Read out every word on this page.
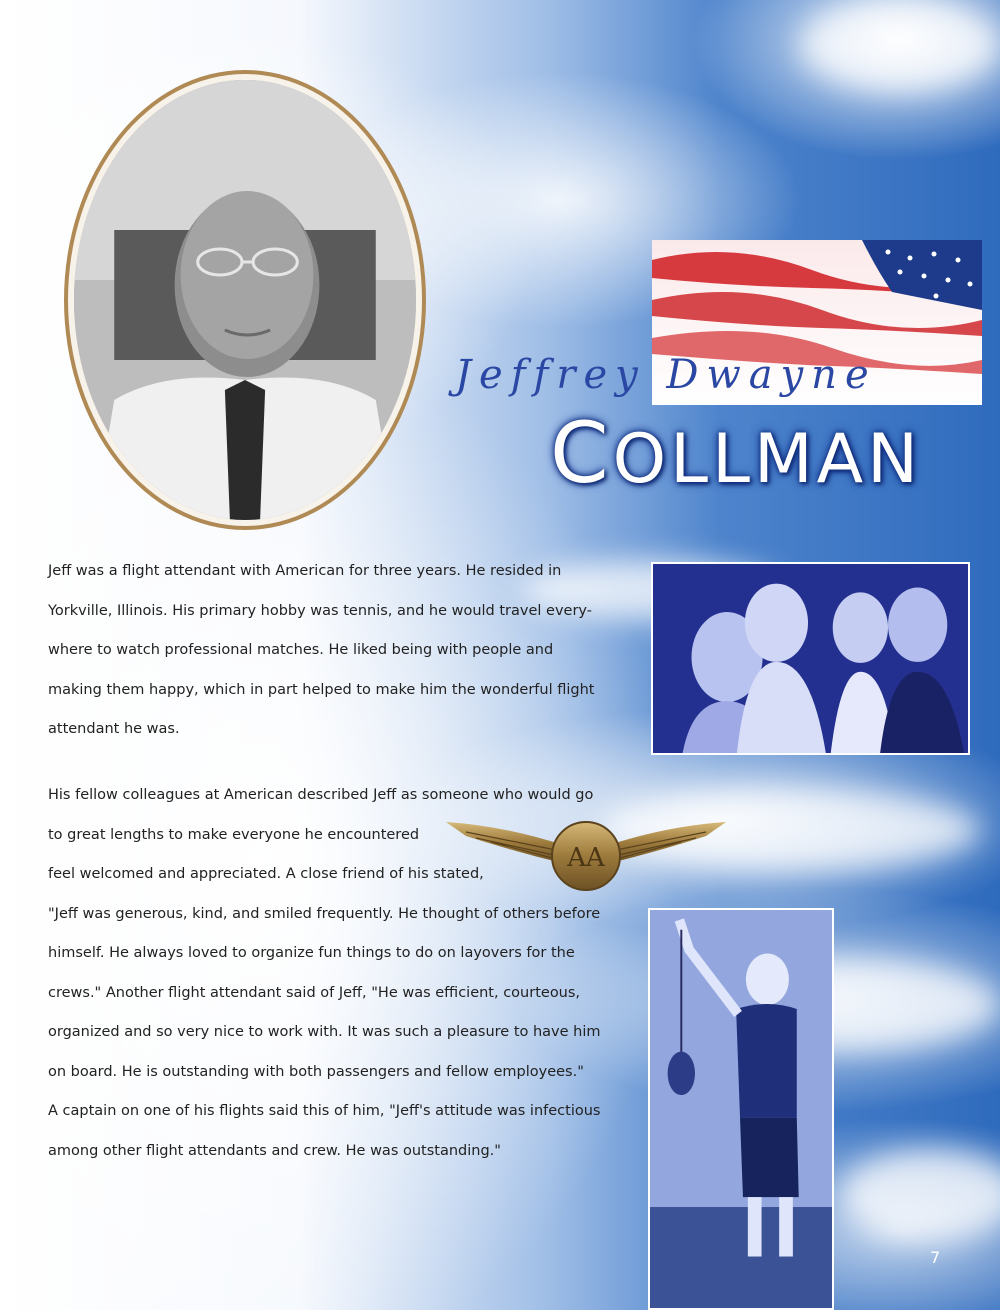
Jeffrey Dwayne
COLLMAN
Jeff was a flight attendant with American for three years. He resided in
Yorkville, Illinois. His primary hobby was tennis, and he would travel every-
where to watch professional matches. He liked being with people and
making them happy, which in part helped to make him the wonderful flight
attendant he was.
His fellow colleagues at American described Jeff as someone who would go
to great lengths to make everyone he encountered
feel welcomed and appreciated. A close friend of his stated,
"Jeff was generous, kind, and smiled frequently. He thought of others before
himself. He always loved to organize fun things to do on layovers for the
crews." Another flight attendant said of Jeff, "He was efficient, courteous,
organized and so very nice to work with. It was such a pleasure to have him
on board. He is outstanding with both passengers and fellow employees."
A captain on one of his flights said this of him, "Jeff's attitude was infectious
among other flight attendants and crew. He was outstanding."
AA
7
